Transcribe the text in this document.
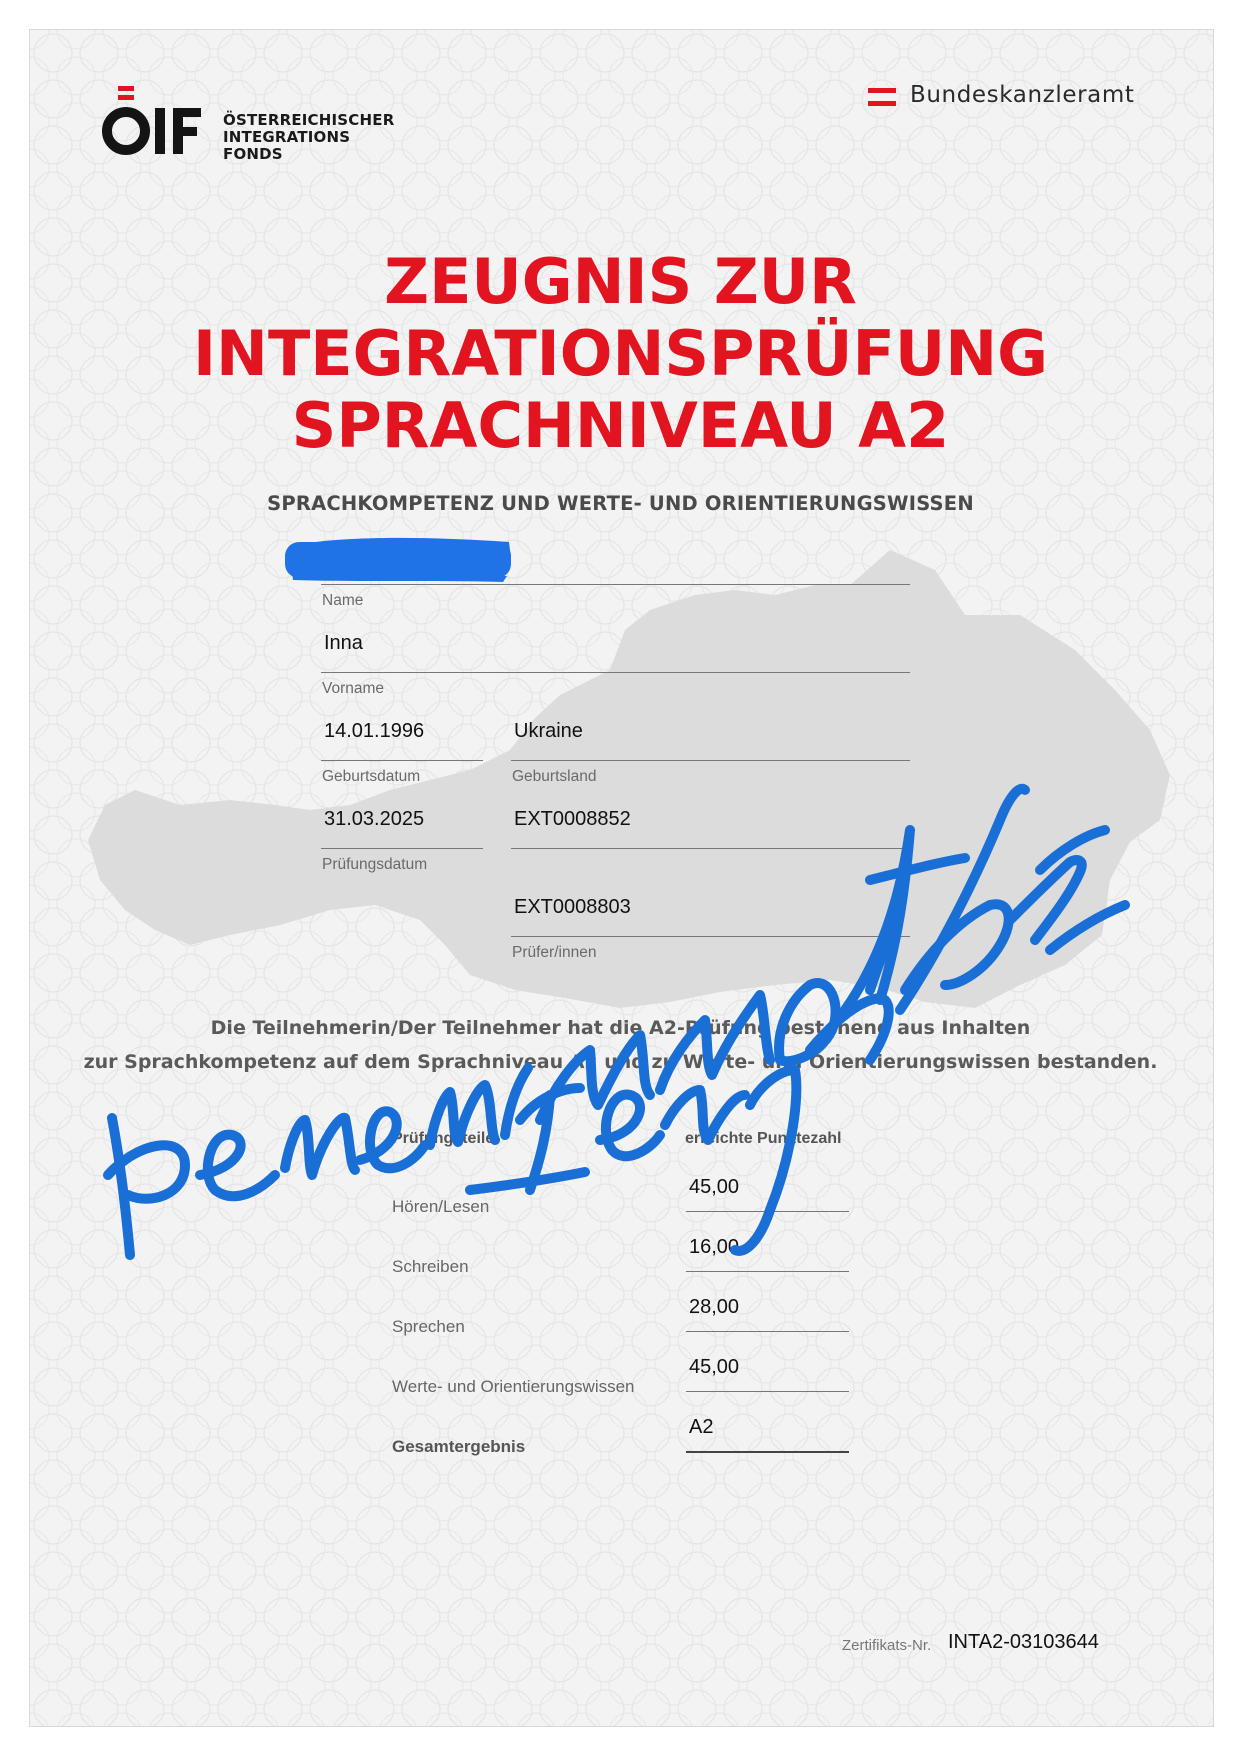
ÖSTERREICHISCHER
INTEGRATIONS
FONDS
Bundeskanzleramt
ZEUGNIS ZUR
INTEGRATIONSPRÜFUNG
SPRACHNIVEAU A2
SPRACHKOMPETENZ UND WERTE- UND ORIENTIERUNGSWISSEN
Name
Inna
Vorname
14.01.1996
Geburtsdatum
Ukraine
Geburtsland
31.03.2025
Prüfungsdatum
EXT0008852
EXT0008803
Prüfer/innen
Die Teilnehmerin/Der Teilnehmer hat die A2-Prüfung bestehend aus Inhalten
zur Sprachkompetenz auf dem Sprachniveau A2 und zu Werte- und Orientierungswissen bestanden.
Prüfungsteile	erreichte Punktezahl
45,00
Hören/Lesen
16,00
Schreiben
28,00
Sprechen
45,00
Werte- und Orientierungswissen
A2
Gesamtergebnis
Zertifikats-Nr. INTA2-03103644
